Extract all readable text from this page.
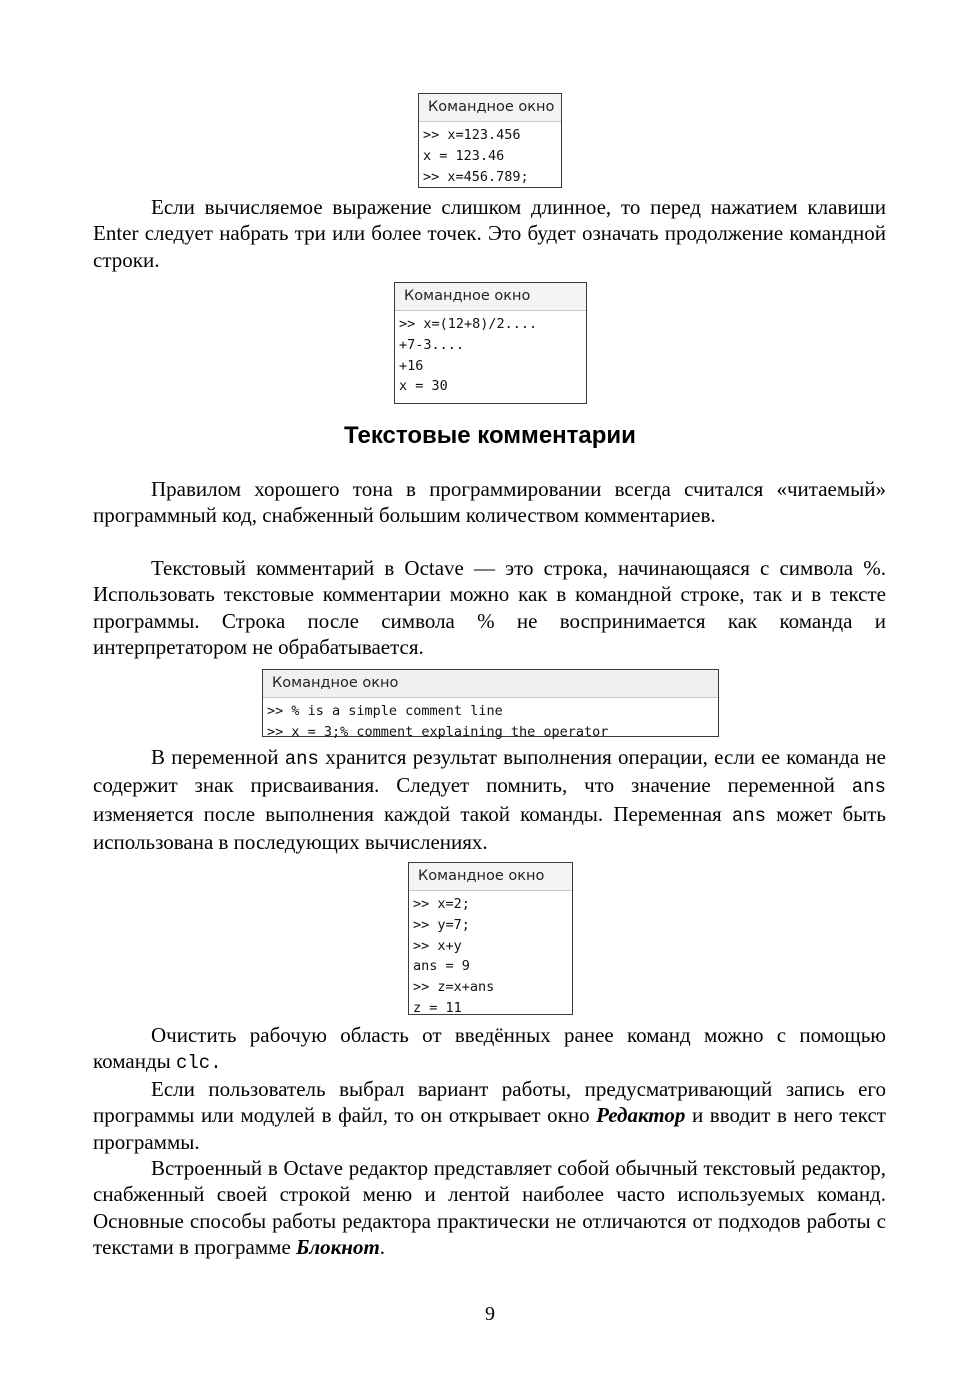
Командное окно
>> x=123.456
x = 123.46
>> x=456.789;

Если вычисляемое выражение слишком длинное, то перед нажатием клавиши Enter следует набрать три или более точек. Это будет означать продолжение командной строки.

Командное окно
>> x=(12+8)/2....
+7-3....
+16
x = 30
Текстовые комментарии

Правилом хорошего тона в программировании всегда считался «читаемый» программный код, снабженный большим количеством комментариев.

Текстовый комментарий в Octave — это строка, начинающаяся с символа %. Использовать текстовые комментарии можно как в командной строке, так и в тексте программы. Строка после символа % не воспринимается как команда и интерпретатором не обрабатывается.

Командное окно
>> % is a simple comment line
>> x = 3;% comment explaining the operator

В переменной ans хранится результат выполнения операции, если ее команда не содержит знак присваивания. Следует помнить, что значение переменной ans изменяется после выполнения каждой такой команды. Переменная ans может быть использована в последующих вычислениях.

Командное окно
>> x=2;
>> y=7;
>> x+y
ans = 9
>> z=x+ans
z = 11

Очистить рабочую область от введённых ранее команд можно с помощью команды clc.

Если пользователь выбрал вариант работы, предусматривающий запись его программы или модулей в файл, то он открывает окно Редактор и вводит в него текст программы.

Встроенный в Octave редактор представляет собой обычный текстовый редактор, снабженный своей строкой меню и лентой наиболее часто используемых команд. Основные способы работы редактора практически не отличаются от подходов работы с текстами в программе Блокнот.

9
